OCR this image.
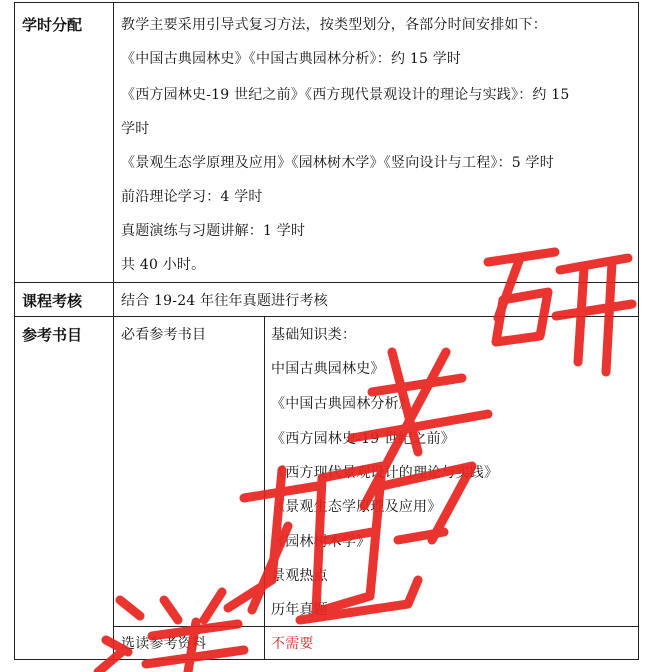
学时分配	教学主要采用引导式复习方法，按类型划分，各部分时间安排如下：
《中国古典园林史》《中国古典园林分析》：约 15 学时
《西方园林史-19 世纪之前》《西方现代景观设计的理论与实践》：约 15
学时
《景观生态学原理及应用》《园林树木学》《竖向设计与工程》：5 学时
前沿理论学习：4 学时
真题演练与习题讲解：1 学时
共 40 小时。
课程考核	结合 19-24 年往年真题进行考核
参考书目	必看参考书目	基础知识类：
中国古典园林史》
《中国古典园林分析》
《西方园林史-19 世纪之前》
《西方现代景观设计的理论与实践》
《景观生态学原理及应用》
《园林树木学》
景观热点
历年真题
选读参考资料	不需要
